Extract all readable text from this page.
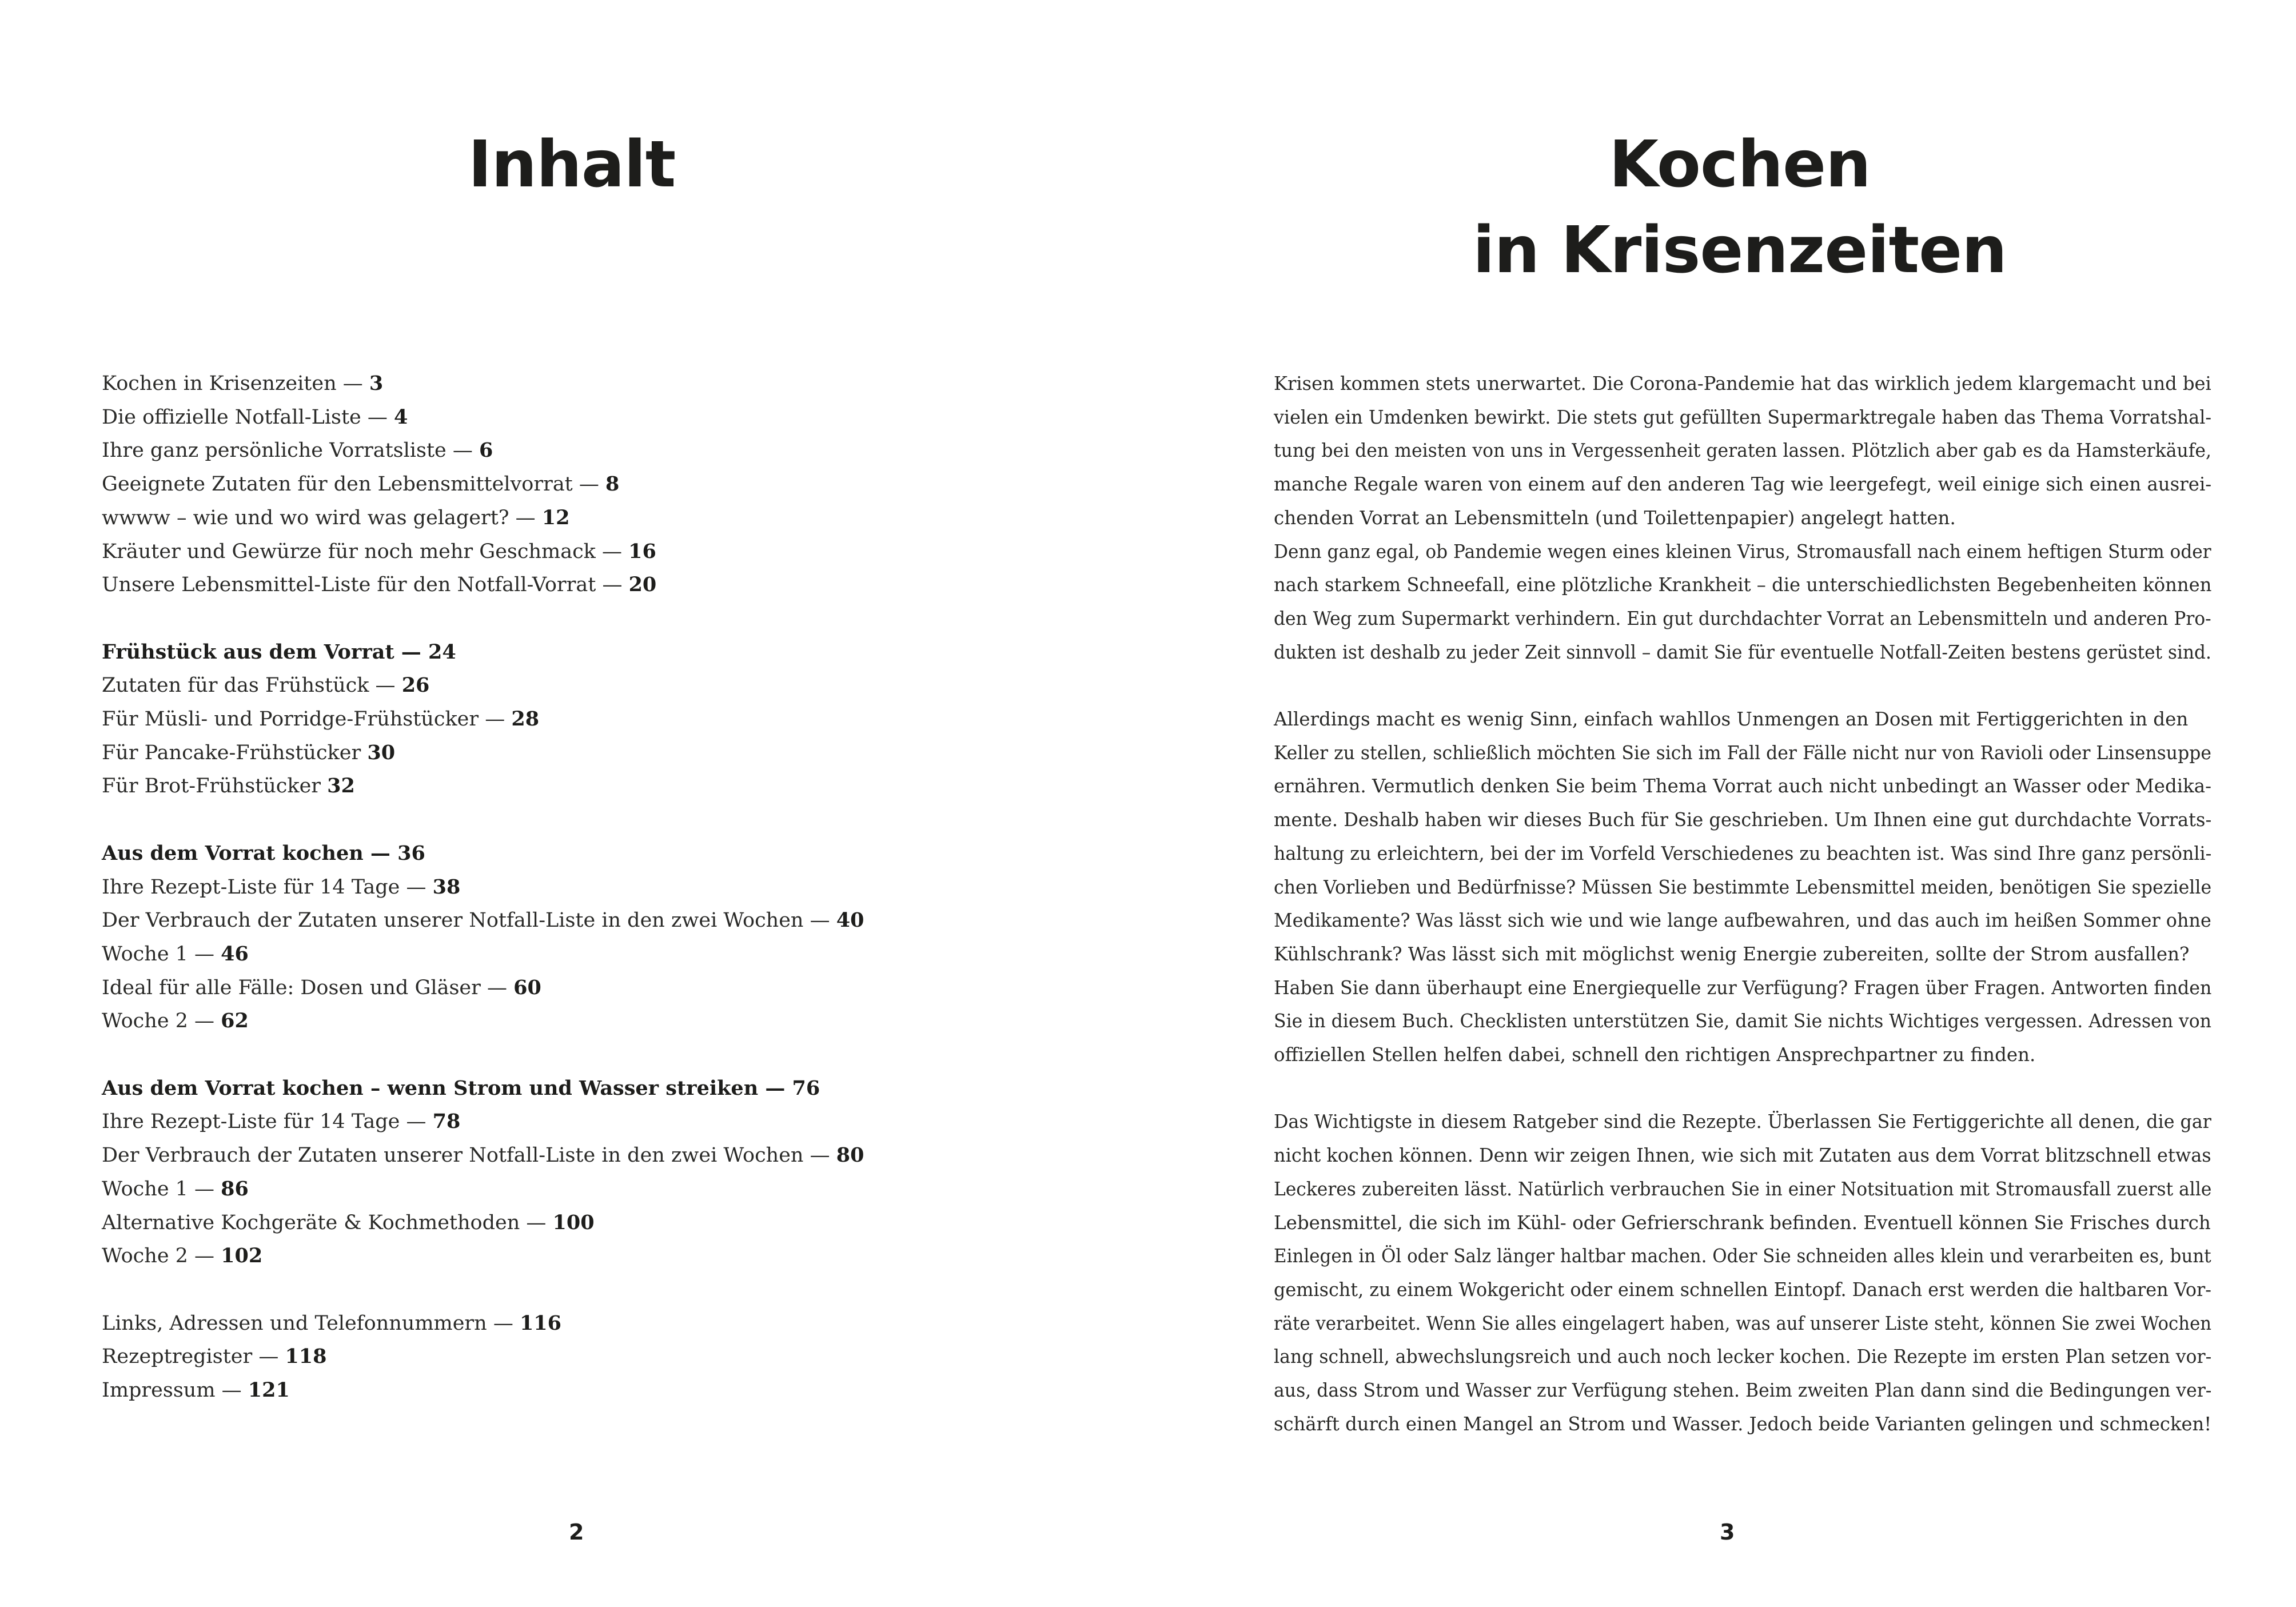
Inhalt
Kochen in Krisenzeiten — 3
Die offizielle Notfall-Liste — 4
Ihre ganz persönliche Vorratsliste — 6
Geeignete Zutaten für den Lebensmittelvorrat — 8
wwww – wie und wo wird was gelagert? — 12
Kräuter und Gewürze für noch mehr Geschmack — 16
Unsere Lebensmittel-Liste für den Notfall-Vorrat — 20
Frühstück aus dem Vorrat — 24
Zutaten für das Frühstück — 26
Für Müsli- und Porridge-Frühstücker — 28
Für Pancake-Frühstücker 30
Für Brot-Frühstücker 32
Aus dem Vorrat kochen — 36
Ihre Rezept-Liste für 14 Tage — 38
Der Verbrauch der Zutaten unserer Notfall-Liste in den zwei Wochen — 40
Woche 1 — 46
Ideal für alle Fälle: Dosen und Gläser — 60
Woche 2 — 62
Aus dem Vorrat kochen – wenn Strom und Wasser streiken — 76
Ihre Rezept-Liste für 14 Tage — 78
Der Verbrauch der Zutaten unserer Notfall-Liste in den zwei Wochen — 80
Woche 1 — 86
Alternative Kochgeräte & Kochmethoden — 100
Woche 2 — 102
Links, Adressen und Telefonnummern — 116
Rezeptregister — 118
Impressum — 121
2
Kochen
in Krisenzeiten

Krisen kommen stets unerwartet. Die Corona-Pandemie hat das wirklich jedem klargemacht und bei
vielen ein Umdenken bewirkt. Die stets gut gefüllten Supermarktregale haben das Thema Vorratshal-
tung bei den meisten von uns in Vergessenheit geraten lassen. Plötzlich aber gab es da Hamsterkäufe,
manche Regale waren von einem auf den anderen Tag wie leergefegt, weil einige sich einen ausrei-
chenden Vorrat an Lebensmitteln (und Toilettenpapier) angelegt hatten.
Denn ganz egal, ob Pandemie wegen eines kleinen Virus, Stromausfall nach einem heftigen Sturm oder
nach starkem Schneefall, eine plötzliche Krankheit – die unterschiedlichsten Begebenheiten können
den Weg zum Supermarkt verhindern. Ein gut durchdachter Vorrat an Lebensmitteln und anderen Pro-
dukten ist deshalb zu jeder Zeit sinnvoll – damit Sie für eventuelle Notfall-Zeiten bestens gerüstet sind.

Allerdings macht es wenig Sinn, einfach wahllos Unmengen an Dosen mit Fertiggerichten in den
Keller zu stellen, schließlich möchten Sie sich im Fall der Fälle nicht nur von Ravioli oder Linsensuppe
ernähren. Vermutlich denken Sie beim Thema Vorrat auch nicht unbedingt an Wasser oder Medika-
mente. Deshalb haben wir dieses Buch für Sie geschrieben. Um Ihnen eine gut durchdachte Vorrats-
haltung zu erleichtern, bei der im Vorfeld Verschiedenes zu beachten ist. Was sind Ihre ganz persönli-
chen Vorlieben und Bedürfnisse? Müssen Sie bestimmte Lebensmittel meiden, benötigen Sie spezielle
Medikamente? Was lässt sich wie und wie lange aufbewahren, und das auch im heißen Sommer ohne
Kühlschrank? Was lässt sich mit möglichst wenig Energie zubereiten, sollte der Strom ausfallen?
Haben Sie dann überhaupt eine Energiequelle zur Verfügung? Fragen über Fragen. Antworten finden
Sie in diesem Buch. Checklisten unterstützen Sie, damit Sie nichts Wichtiges vergessen. Adressen von
offiziellen Stellen helfen dabei, schnell den richtigen Ansprechpartner zu finden.

Das Wichtigste in diesem Ratgeber sind die Rezepte. Überlassen Sie Fertiggerichte all denen, die gar
nicht kochen können. Denn wir zeigen Ihnen, wie sich mit Zutaten aus dem Vorrat blitzschnell etwas
Leckeres zubereiten lässt. Natürlich verbrauchen Sie in einer Notsituation mit Stromausfall zuerst alle
Lebensmittel, die sich im Kühl- oder Gefrierschrank befinden. Eventuell können Sie Frisches durch
Einlegen in Öl oder Salz länger haltbar machen. Oder Sie schneiden alles klein und verarbeiten es, bunt
gemischt, zu einem Wokgericht oder einem schnellen Eintopf. Danach erst werden die haltbaren Vor-
räte verarbeitet. Wenn Sie alles eingelagert haben, was auf unserer Liste steht, können Sie zwei Wochen
lang schnell, abwechslungsreich und auch noch lecker kochen. Die Rezepte im ersten Plan setzen vor-
aus, dass Strom und Wasser zur Verfügung stehen. Beim zweiten Plan dann sind die Bedingungen ver-
schärft durch einen Mangel an Strom und Wasser. Jedoch beide Varianten gelingen und schmecken!

3
